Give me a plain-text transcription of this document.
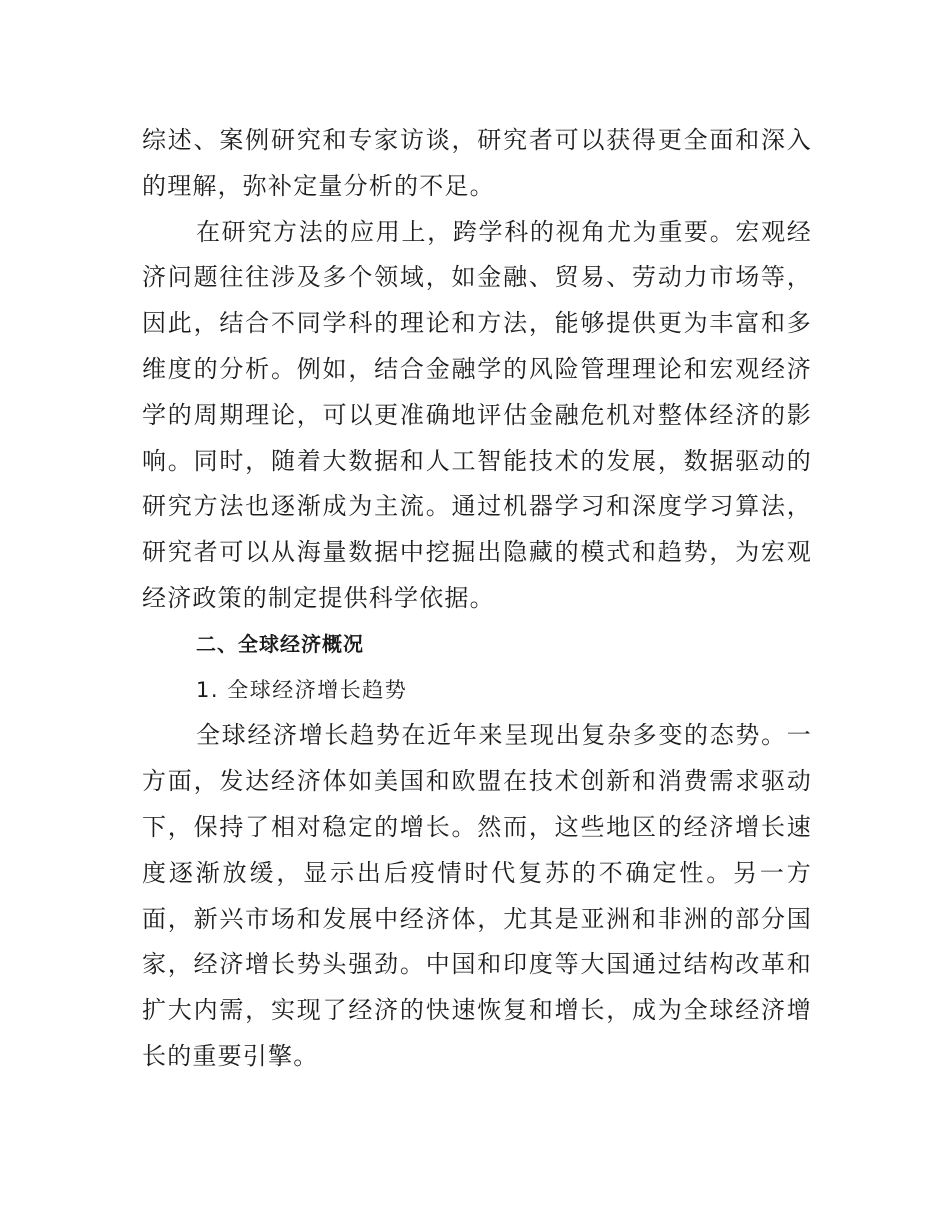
综述、案例研究和专家访谈，研究者可以获得更全面和深入的理解，弥补定量分析的不足。

在研究方法的应用上，跨学科的视角尤为重要。宏观经济问题往往涉及多个领域，如金融、贸易、劳动力市场等，因此，结合不同学科的理论和方法，能够提供更为丰富和多维度的分析。例如，结合金融学的风险管理理论和宏观经济学的周期理论，可以更准确地评估金融危机对整体经济的影响。同时，随着大数据和人工智能技术的发展，数据驱动的研究方法也逐渐成为主流。通过机器学习和深度学习算法，研究者可以从海量数据中挖掘出隐藏的模式和趋势，为宏观经济政策的制定提供科学依据。

二、全球经济概况

1. 全球经济增长趋势

全球经济增长趋势在近年来呈现出复杂多变的态势。一方面，发达经济体如美国和欧盟在技术创新和消费需求驱动下，保持了相对稳定的增长。然而，这些地区的经济增长速度逐渐放缓，显示出后疫情时代复苏的不确定性。另一方面，新兴市场和发展中经济体，尤其是亚洲和非洲的部分国家，经济增长势头强劲。中国和印度等大国通过结构改革和扩大内需，实现了经济的快速恢复和增长，成为全球经济增长的重要引擎。
